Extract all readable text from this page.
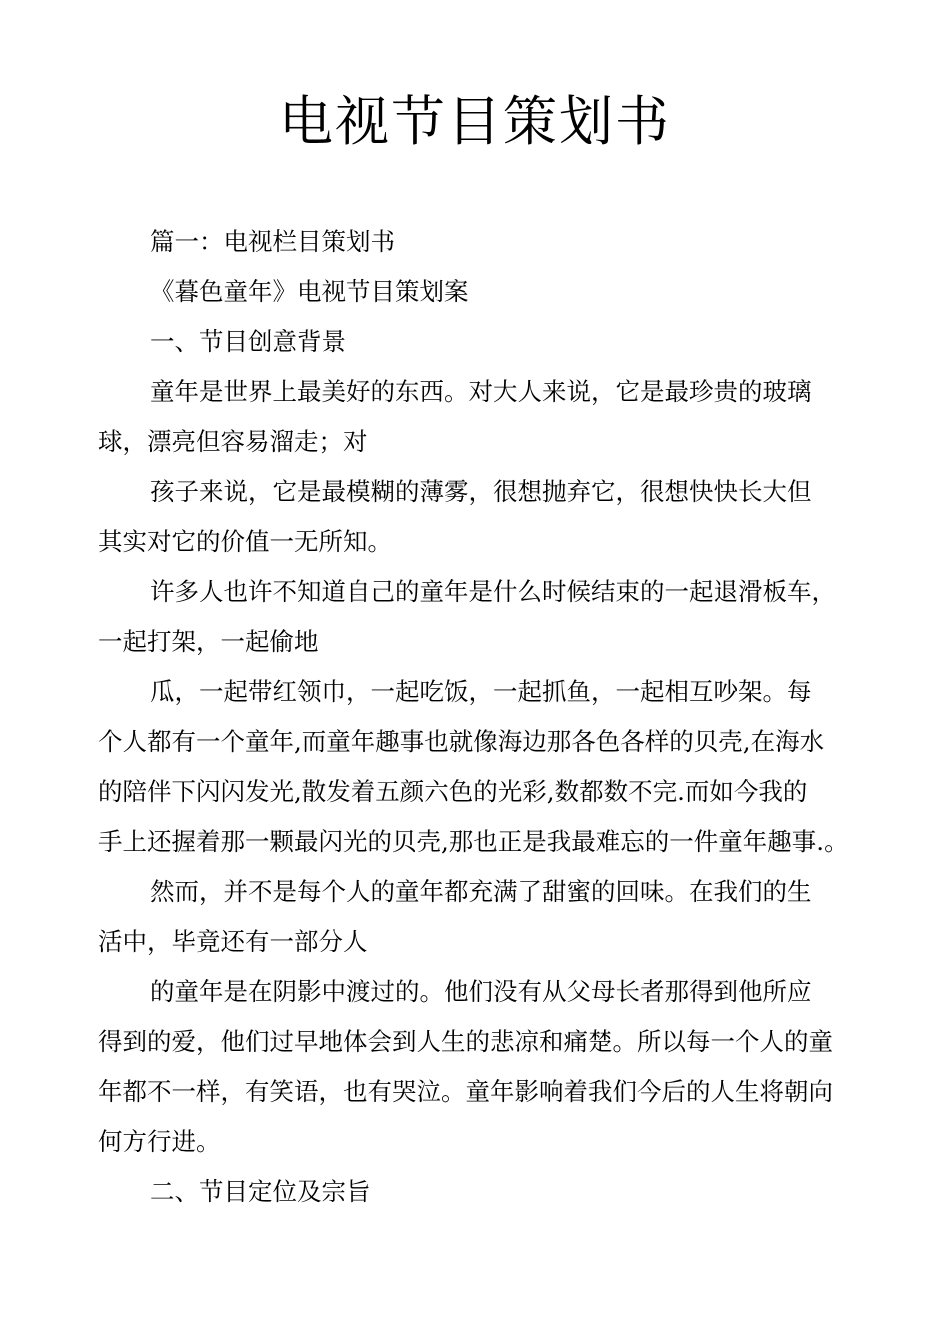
电视节目策划书

篇一：电视栏目策划书

《暮色童年》电视节目策划案

一、节目创意背景

童年是世界上最美好的东西。对大人来说，它是最珍贵的玻璃

球，漂亮但容易溜走；对

孩子来说，它是最模糊的薄雾，很想抛弃它，很想快快长大但

其实对它的价值一无所知。

许多人也许不知道自己的童年是什么时候结束的一起退滑板车，

一起打架，一起偷地

瓜，一起带红领巾，一起吃饭，一起抓鱼，一起相互吵架。每

个人都有一个童年,而童年趣事也就像海边那各色各样的贝壳,在海水

的陪伴下闪闪发光,散发着五颜六色的光彩,数都数不完.而如今我的

手上还握着那一颗最闪光的贝壳,那也正是我最难忘的一件童年趣事.。

然而，并不是每个人的童年都充满了甜蜜的回味。在我们的生

活中，毕竟还有一部分人

的童年是在阴影中渡过的。他们没有从父母长者那得到他所应

得到的爱，他们过早地体会到人生的悲凉和痛楚。所以每一个人的童

年都不一样，有笑语，也有哭泣。童年影响着我们今后的人生将朝向

何方行进。

二、节目定位及宗旨
